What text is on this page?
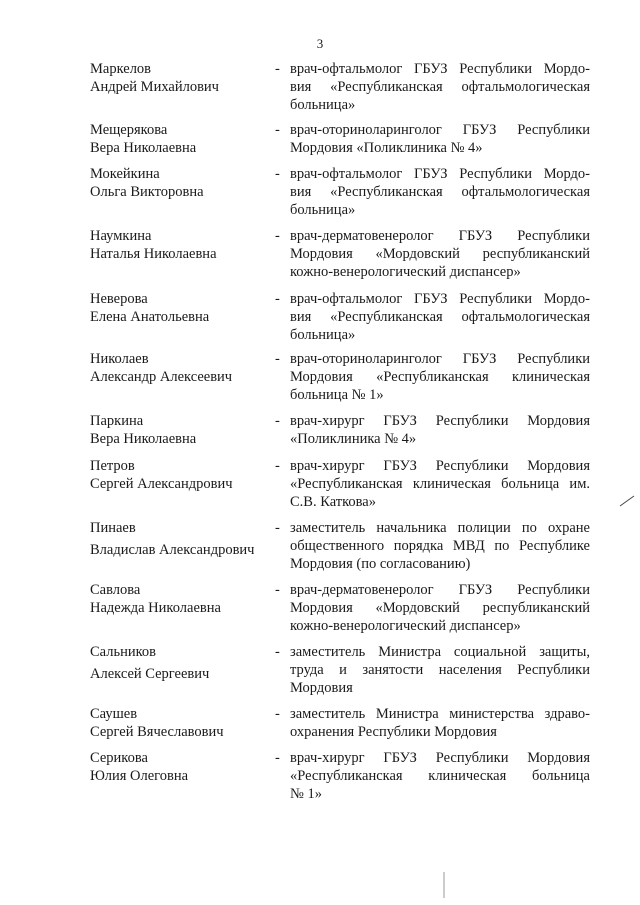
3
Маркелов
Андрей Михайлович
- врач-офтальмолог ГБУЗ Республики Мордо-
вия «Республиканская офтальмологическая
больница»
Мещерякова
Вера Николаевна
- врач-оториноларинголог ГБУЗ Республики
Мордовия «Поликлиника № 4»
Мокейкина
Ольга Викторовна
- врач-офтальмолог ГБУЗ Республики Мордо-
вия «Республиканская офтальмологическая
больница»
Наумкина
Наталья Николаевна
- врач-дерматовенеролог ГБУЗ Республики
Мордовия «Мордовский республиканский
кожно-венерологический диспансер»
Неверова
Елена Анатольевна
- врач-офтальмолог ГБУЗ Республики Мордо-
вия «Республиканская офтальмологическая
больница»
Николаев
Александр Алексеевич
- врач-оториноларинголог ГБУЗ Республики
Мордовия «Республиканская клиническая
больница № 1»
Паркина
Вера Николаевна
- врач-хирург ГБУЗ Республики Мордовия
«Поликлиника № 4»
Петров
Сергей Александрович
- врач-хирург ГБУЗ Республики Мордовия
«Республиканская клиническая больница им.
С.В. Каткова»
Пинаев
Владислав Александрович
- заместитель начальника полиции по охране
общественного порядка МВД по Республике
Мордовия (по согласованию)
Савлова
Надежда Николаевна
- врач-дерматовенеролог ГБУЗ Республики
Мордовия «Мордовский республиканский
кожно-венерологический диспансер»
Сальников
Алексей Сергеевич
- заместитель Министра социальной защиты,
труда и занятости населения Республики
Мордовия
Саушев
Сергей Вячеславович
- заместитель Министра министерства здраво-
охранения Республики Мордовия
Серикова
Юлия Олеговна
- врач-хирург ГБУЗ Республики Мордовия
«Республиканская клиническая больница
№ 1»
